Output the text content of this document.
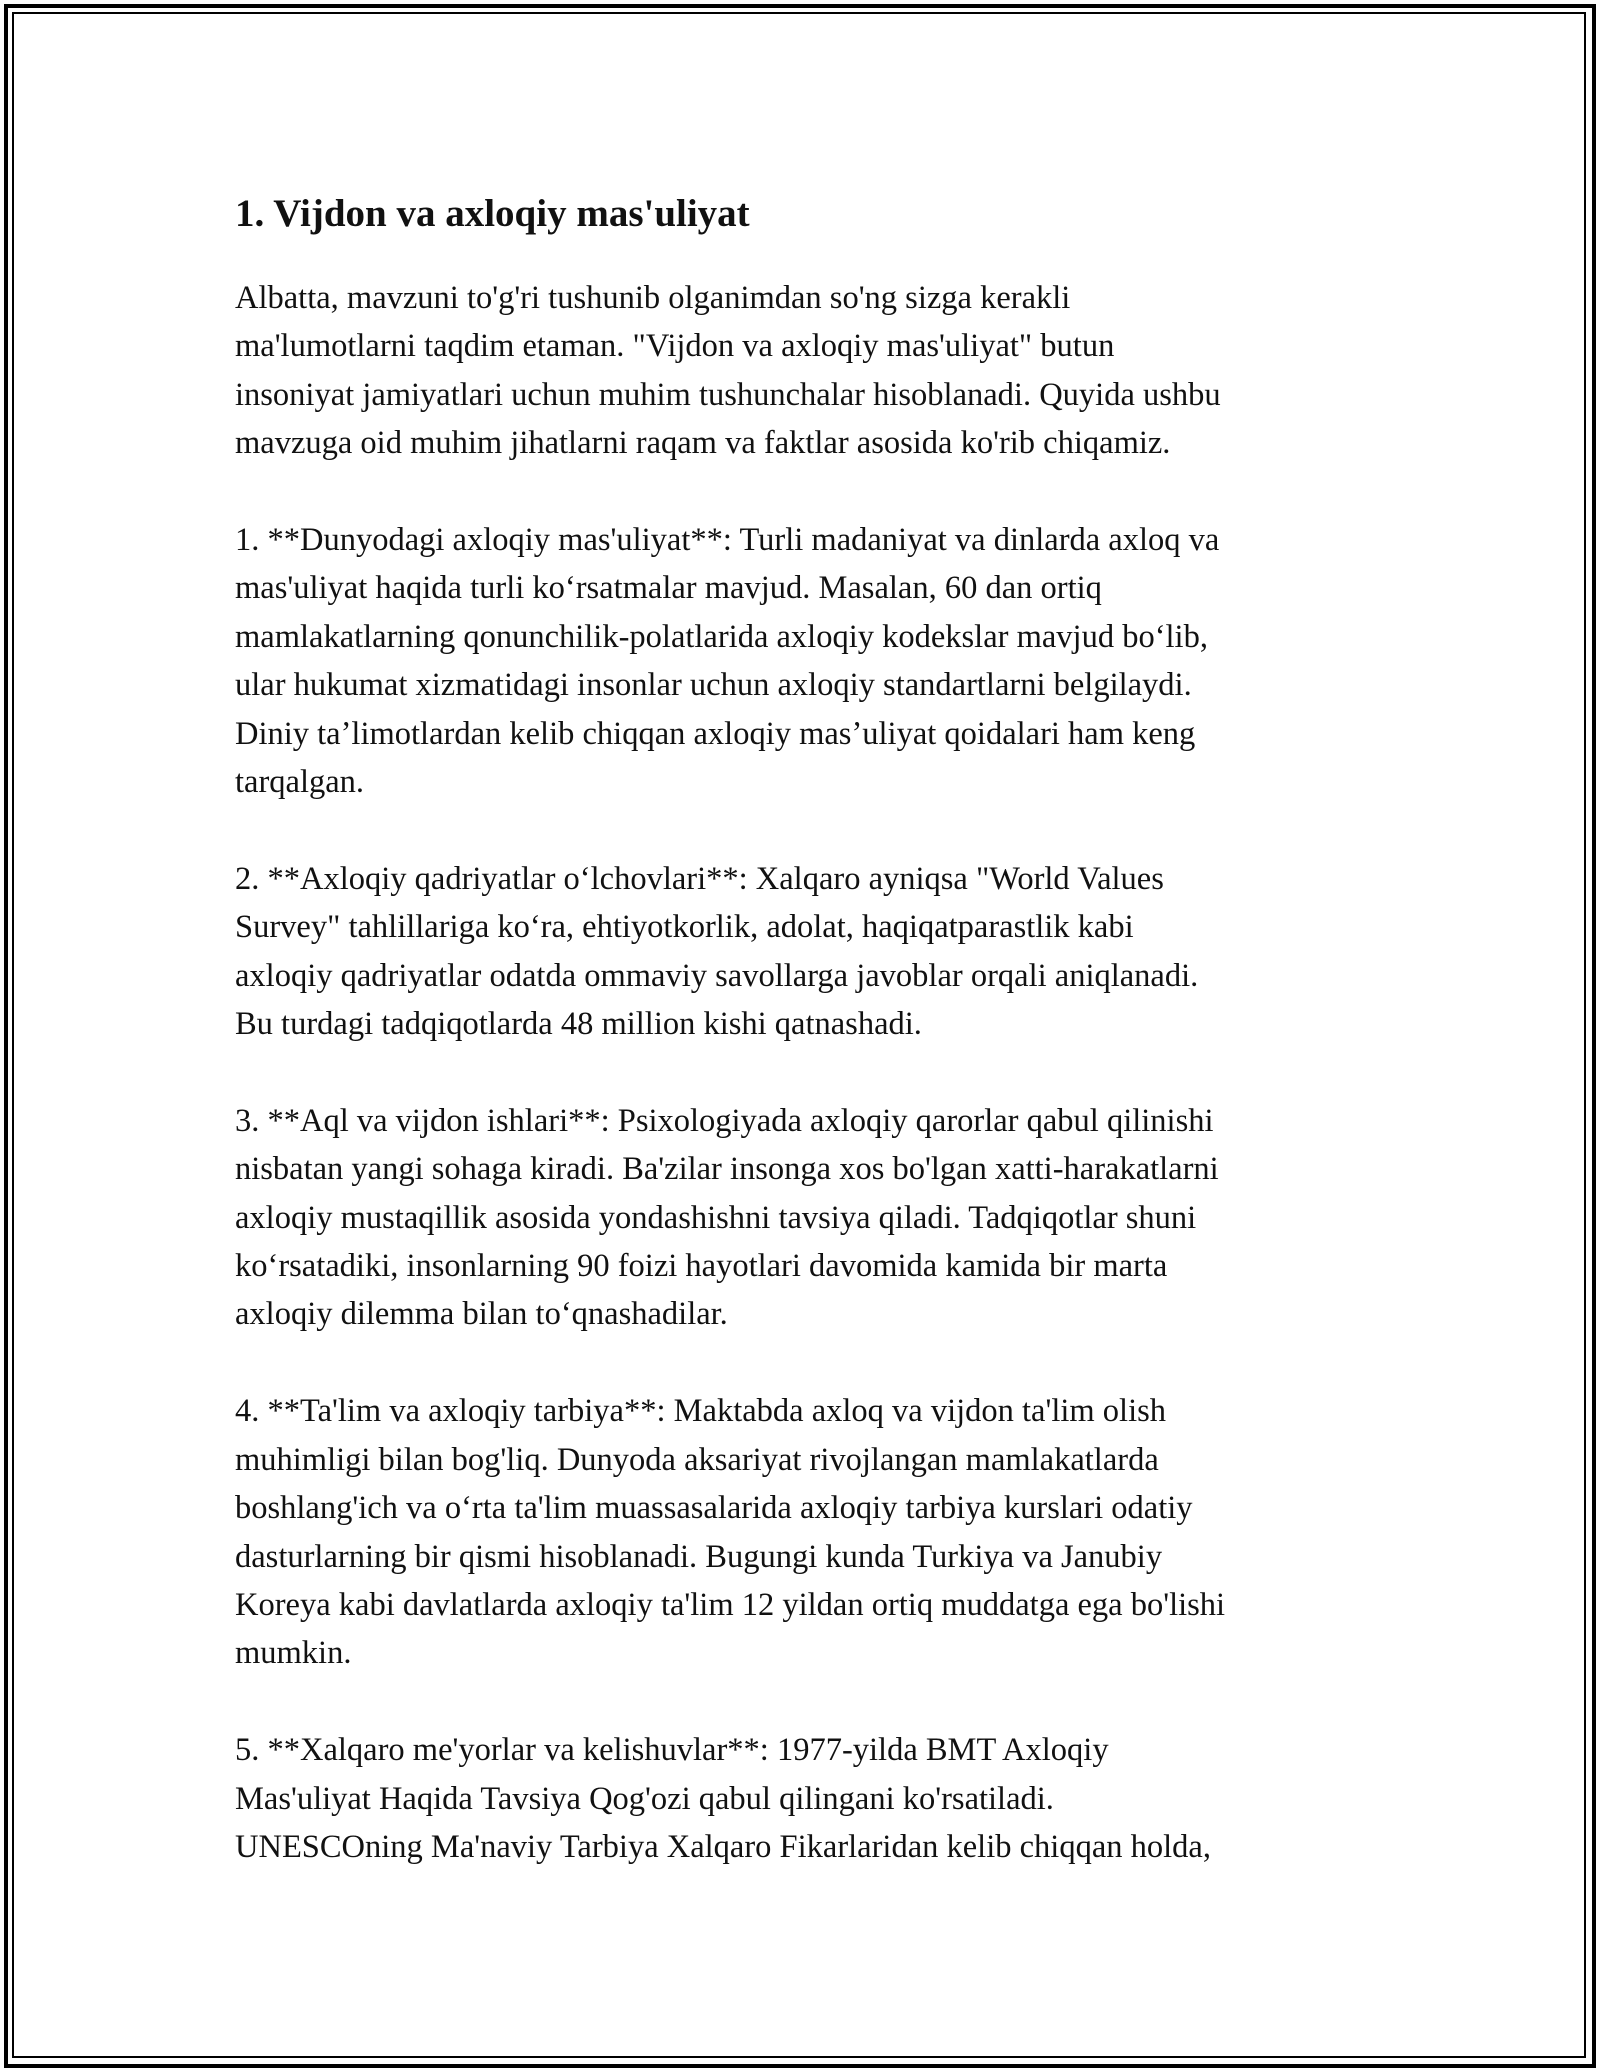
1. Vijdon va axloqiy mas'uliyat

Albatta, mavzuni to'g'ri tushunib olganimdan so'ng sizga kerakli
ma'lumotlarni taqdim etaman. "Vijdon va axloqiy mas'uliyat" butun
insoniyat jamiyatlari uchun muhim tushunchalar hisoblanadi. Quyida ushbu
mavzuga oid muhim jihatlarni raqam va faktlar asosida ko'rib chiqamiz.

1. **Dunyodagi axloqiy mas'uliyat**: Turli madaniyat va dinlarda axloq va
mas'uliyat haqida turli koʻrsatmalar mavjud. Masalan, 60 dan ortiq
mamlakatlarning qonunchilik-polatlarida axloqiy kodekslar mavjud boʻlib,
ular hukumat xizmatidagi insonlar uchun axloqiy standartlarni belgilaydi.
Diniy taʼlimotlardan kelib chiqqan axloqiy masʼuliyat qoidalari ham keng
tarqalgan.

2. **Axloqiy qadriyatlar oʻlchovlari**: Xalqaro ayniqsa "World Values
Survey" tahlillariga koʻra, ehtiyotkorlik, adolat, haqiqatparastlik kabi
axloqiy qadriyatlar odatda ommaviy savollarga javoblar orqali aniqlanadi.
Bu turdagi tadqiqotlarda 48 million kishi qatnashadi.

3. **Aql va vijdon ishlari**: Psixologiyada axloqiy qarorlar qabul qilinishi
nisbatan yangi sohaga kiradi. Ba'zilar insonga xos bo'lgan xatti-harakatlarni
axloqiy mustaqillik asosida yondashishni tavsiya qiladi. Tadqiqotlar shuni
koʻrsatadiki, insonlarning 90 foizi hayotlari davomida kamida bir marta
axloqiy dilemma bilan toʻqnashadilar.

4. **Ta'lim va axloqiy tarbiya**: Maktabda axloq va vijdon ta'lim olish
muhimligi bilan bog'liq. Dunyoda aksariyat rivojlangan mamlakatlarda
boshlang'ich va oʻrta ta'lim muassasalarida axloqiy tarbiya kurslari odatiy
dasturlarning bir qismi hisoblanadi. Bugungi kunda Turkiya va Janubiy
Koreya kabi davlatlarda axloqiy ta'lim 12 yildan ortiq muddatga ega bo'lishi
mumkin.

5. **Xalqaro me'yorlar va kelishuvlar**: 1977-yilda BMT Axloqiy
Mas'uliyat Haqida Tavsiya Qog'ozi qabul qilingani ko'rsatiladi.
UNESCOning Ma'naviy Tarbiya Xalqaro Fikarlaridan kelib chiqqan holda,
